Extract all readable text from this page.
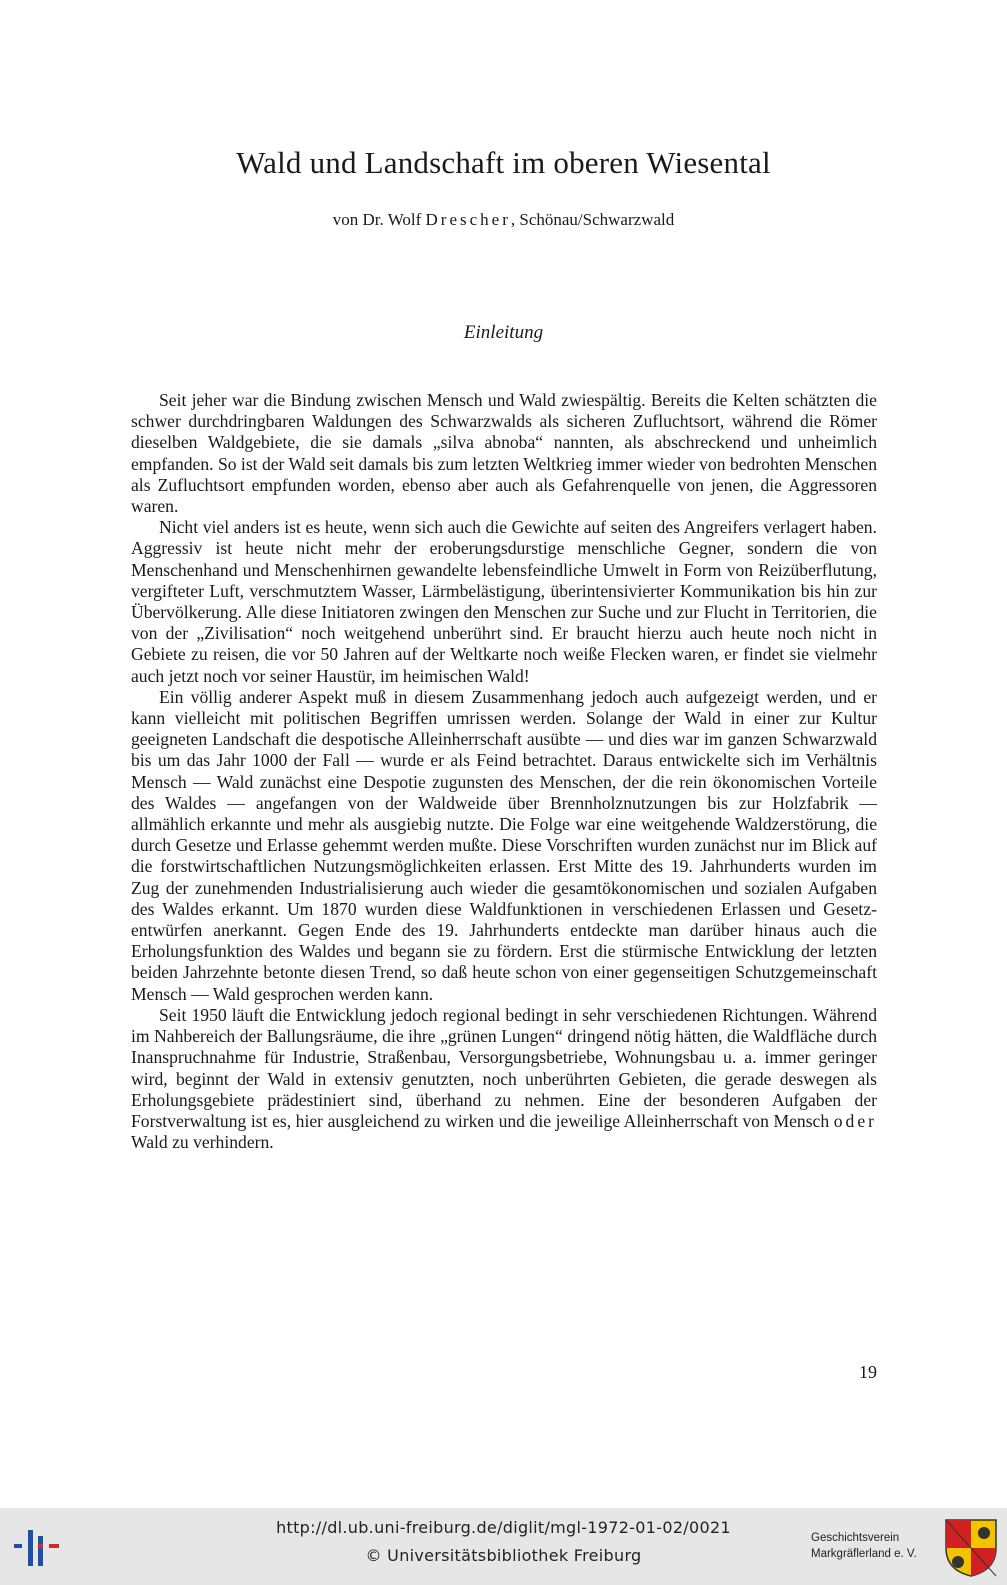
Wald und Landschaft im oberen Wiesental
von Dr. Wolf Drescher, Schönau/Schwarzwald
Einleitung

Seit jeher war die Bindung zwischen Mensch und Wald zwiespältig. Bereits die Kelten schätzten die schwer durchdringbaren Waldungen des Schwarzwalds als sicheren Zufluchtsort, während die Römer dieselben Waldgebiete, die sie damals „silva abnoba“ nannten, als abschreckend und unheimlich empfanden. So ist der Wald seit damals bis zum letzten Weltkrieg immer wieder von bedrohten Menschen als Zufluchtsort empfunden worden, ebenso aber auch als Gefahrenquelle von jenen, die Aggressoren waren.

Nicht viel anders ist es heute, wenn sich auch die Gewichte auf seiten des Angreifers verlagert haben. Aggressiv ist heute nicht mehr der eroberungsdurstige menschliche Gegner, sondern die von Menschenhand und Menschenhirnen gewandelte lebensfeindliche Umwelt in Form von Reizüberflutung, vergifteter Luft, verschmutztem Wasser, Lärmbelästigung, überintensivierter Kommunikation bis hin zur Übervölkerung. Alle diese Initiatoren zwingen den Menschen zur Suche und zur Flucht in Territorien, die von der „Zivilisation“ noch weitgehend unberührt sind. Er braucht hierzu auch heute noch nicht in Gebiete zu reisen, die vor 50 Jahren auf der Weltkarte noch weiße Flecken waren, er findet sie vielmehr auch jetzt noch vor seiner Haustür, im heimischen Wald!

Ein völlig anderer Aspekt muß in diesem Zusammenhang jedoch auch aufgezeigt werden, und er kann vielleicht mit politischen Begriffen umrissen werden. Solange der Wald in einer zur Kultur geeigneten Landschaft die despotische Alleinherrschaft ausübte — und dies war im ganzen Schwarzwald bis um das Jahr 1000 der Fall — wurde er als Feind betrachtet. Daraus entwickelte sich im Verhältnis Mensch — Wald zunächst eine Despotie zugunsten des Menschen, der die rein ökonomischen Vorteile des Waldes — angefangen von der Waldweide über Brennholznutzungen bis zur Holzfabrik — allmählich erkannte und mehr als ausgiebig nutzte. Die Folge war eine weitgehende Waldzerstörung, die durch Gesetze und Erlasse gehemmt werden mußte. Diese Vorschriften wurden zunächst nur im Blick auf die forstwirtschaftlichen Nutzungsmöglichkeiten erlassen. Erst Mitte des 19. Jahrhunderts wurden im Zug der zunehmenden Industrialisierung auch wieder die gesamtökonomischen und sozialen Aufgaben des Waldes erkannt. Um 1870 wurden diese Waldfunktionen in verschiedenen Erlassen und Gesetzentwürfen anerkannt. Gegen Ende des 19. Jahrhunderts entdeckte man darüber hinaus auch die Erholungsfunktion des Waldes und begann sie zu fördern. Erst die stürmische Entwicklung der letzten beiden Jahrzehnte betonte diesen Trend, so daß heute schon von einer gegenseitigen Schutzgemeinschaft Mensch — Wald gesprochen werden kann.

Seit 1950 läuft die Entwicklung jedoch regional bedingt in sehr verschiedenen Richtungen. Während im Nahbereich der Ballungsräume, die ihre „grünen Lungen“ dringend nötig hätten, die Waldfläche durch Inanspruchnahme für Industrie, Straßenbau, Versorgungsbetriebe, Wohnungsbau u. a. immer geringer wird, beginnt der Wald in extensiv genutzten, noch unberührten Gebieten, die gerade deswegen als Erholungsgebiete prädestiniert sind, überhand zu nehmen. Eine der besonderen Aufgaben der Forstverwaltung ist es, hier ausgleichend zu wirken und die jeweilige Alleinherrschaft von Mensch oder Wald zu verhindern.

19
http://dl.ub.uni-freiburg.de/diglit/mgl-1972-01-02/0021
© Universitätsbibliothek Freiburg
Geschichtsverein
Markgräflerland e. V.
